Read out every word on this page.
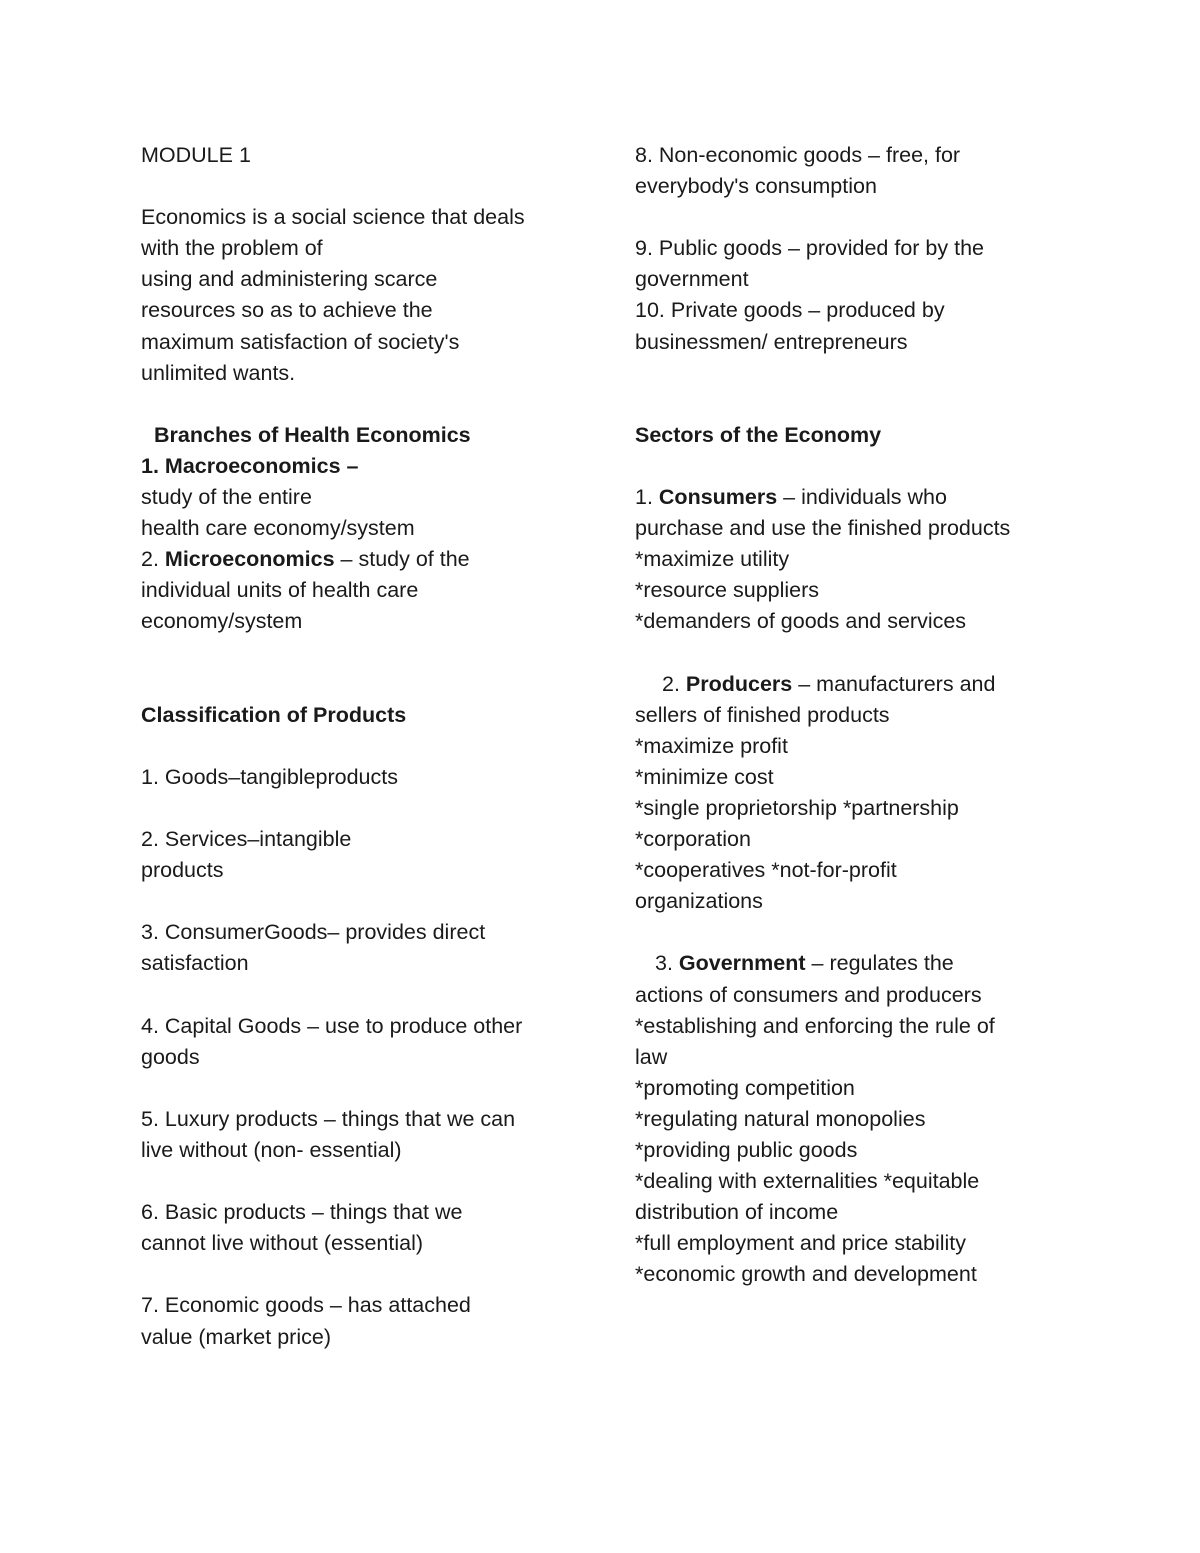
MODULE 1
Economics is a social science that deals
with the problem of
using and administering scarce
resources so as to achieve the
maximum satisfaction of society's
unlimited wants.
Branches of Health Economics
1. Macroeconomics –
study of the entire
health care economy/system
2. Microeconomics – study of the
individual units of health care
economy/system
Classification of Products
1. Goods–tangibleproducts
2. Services–intangible
products
3. ConsumerGoods– provides direct
satisfaction
4. Capital Goods – use to produce other
goods
5. Luxury products – things that we can
live without (non- essential)
6. Basic products – things that we
cannot live without (essential)
7. Economic goods – has attached
value (market price)
8. Non-economic goods – free, for
everybody's consumption
9. Public goods – provided for by the
government
10. Private goods – produced by
businessmen/ entrepreneurs
Sectors of the Economy
1. Consumers – individuals who
purchase and use the finished products
*maximize utility
*resource suppliers
*demanders of goods and services
2. Producers – manufacturers and
sellers of finished products
*maximize profit
*minimize cost
*single proprietorship *partnership
*corporation
*cooperatives *not-for-profit
organizations
3. Government – regulates the
actions of consumers and producers
*establishing and enforcing the rule of
law
*promoting competition
*regulating natural monopolies
*providing public goods
*dealing with externalities *equitable
distribution of income
*full employment and price stability
*economic growth and development
